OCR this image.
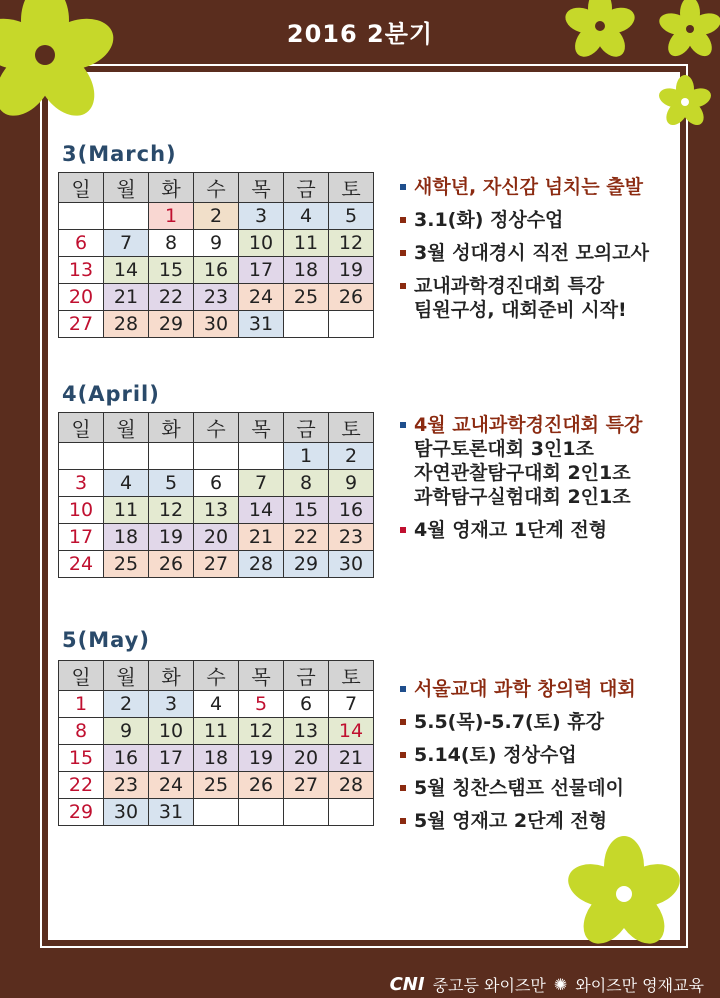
2016 2분기
3(March)
일	월	화	수	목	금	토
		1	2	3	4	5
6	7	8	9	10	11	12
13	14	15	16	17	18	19
20	21	22	23	24	25	26
27	28	29	30	31		
새학년, 자신감 넘치는 출발
3.1(화) 정상수업
3월 성대경시 직전 모의고사
교내과학경진대회 특강
팀원구성, 대회준비 시작!
4(April)
일	월	화	수	목	금	토
					1	2
3	4	5	6	7	8	9
10	11	12	13	14	15	16
17	18	19	20	21	22	23
24	25	26	27	28	29	30
4월 교내과학경진대회 특강
탐구토론대회 3인1조
자연관찰탐구대회 2인1조
과학탐구실험대회 2인1조
4월 영재고 1단계 전형
5(May)
일	월	화	수	목	금	토
1	2	3	4	5	6	7
8	9	10	11	12	13	14
15	16	17	18	19	20	21
22	23	24	25	26	27	28
29	30	31				
서울교대 과학 창의력 대회
5.5(목)-5.7(토) 휴강
5.14(토) 정상수업
5월 칭찬스탬프 선물데이
5월 영재고 2단계 전형
CNI 중고등 와이즈만 ✺ 와이즈만 영재교육
